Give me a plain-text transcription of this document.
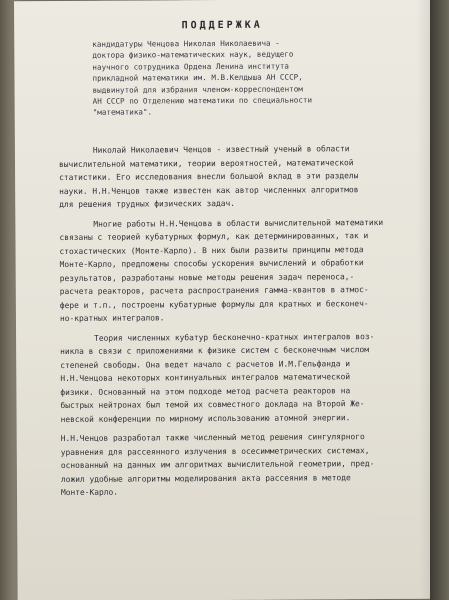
ПОДДЕРЖКА
кандидатуры Ченцова Николая Николаевича -
доктора физико-математических наук, ведущего
научного сотрудника Ордена Ленина института
прикладной математики им. М.В.Келдыша АН СССР,
выдвинутой для избрания членом-корреспондентом
АН СССР по Отделению математики по специальности
"математика".
Николай Николаевич Ченцов - известный ученый в области
вычислительной математики, теории вероятностей, математической
статистики. Его исследования внесли большой вклад в эти разделы
науки. Н.Н.Ченцов также известен как автор численных алгоритмов
для решения трудных физических задач.
Многие работы Н.Н.Ченцова в области вычислительной математики
связаны с теорией кубатурных формул, как детерминированных, так и
стохастических (Монте-Карло). В них были развиты принципы метода
Монте-Карло, предложены способы ускорения вычислений и обработки
результатов, разработаны новые методы решения задач переноса,-
расчета реакторов, расчета распространения гамма-квантов в атмос-
фере и т.п., построены кубатурные формулы для кратных и бесконеч-
но-кратных интегралов.
Теория численных кубатур бесконечно-кратных интегралов воз-
никла в связи с приложениями к физике систем с бесконечным числом
степеней свободы. Она ведет начало с расчетов И.М.Гельфанда и
Н.Н.Ченцова некоторых континуальных интегралов математической
физики. Основанный на этом подходе метод расчета реакторов на
быстрых нейтронах был темой их совместного доклада на Второй Же-
невской конференции по мирному использованию атомной энергии.
Н.Н.Ченцов разработал также численный метод решения сингулярного
уравнения для рассеянного излучения в осесимметрических системах,
основанный на данных им алгоритмах вычислительной геометрии, пред-
ложил удобные алгоритмы моделирования акта рассеяния в методе
Монте-Карло.
